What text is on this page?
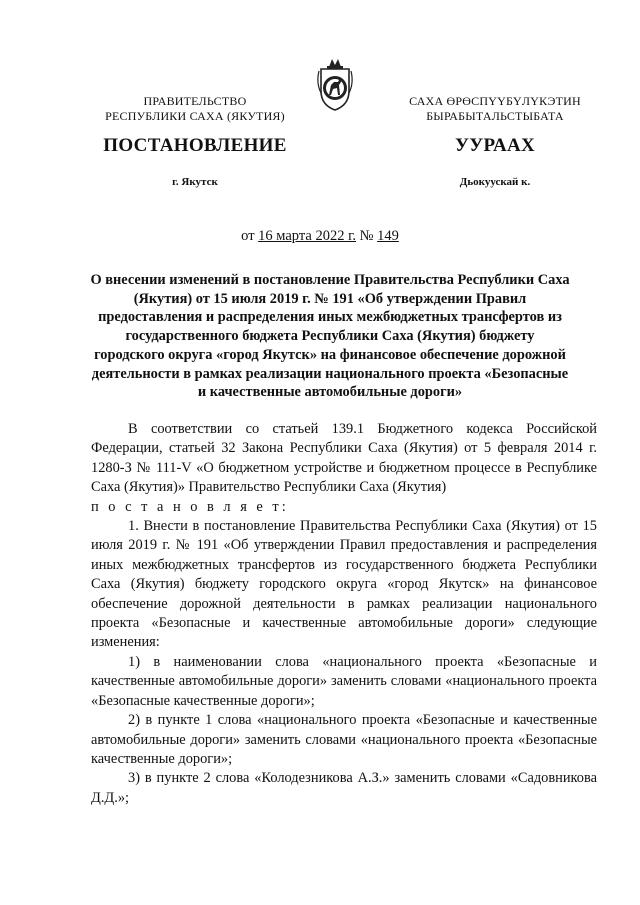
ПРАВИТЕЛЬСТВО
РЕСПУБЛИКИ САХА (ЯКУТИЯ)
САХА ӨРӨСПYYБYЛYКЭТИН
БЫРАБЫТАЛЬСТЫБАТА
ПОСТАНОВЛЕНИЕ	УУРААХ
г. Якутск	Дьокуускай к.
от 16 марта 2022 г. № 149
О внесении изменений в постановление Правительства Республики Саха (Якутия) от 15 июля 2019 г. № 191 «Об утверждении Правил предоставления и распределения иных межбюджетных трансфертов из государственного бюджета Республики Саха (Якутия) бюджету городского округа «город Якутск» на финансовое обеспечение дорожной деятельности в рамках реализации национального проекта «Безопасные и качественные автомобильные дороги»

В соответствии со статьей 139.1 Бюджетного кодекса Российской Федерации, статьей 32 Закона Республики Саха (Якутия) от 5 февраля 2014 г. 1280-З № 111-V «О бюджетном устройстве и бюджетном процессе в Республике Саха (Якутия)» Правительство Республики Саха (Якутия)

п о с т а н о в л я е т:

1. Внести в постановление Правительства Республики Саха (Якутия) от 15 июля 2019 г. № 191 «Об утверждении Правил предоставления и распределения иных межбюджетных трансфертов из государственного бюджета Республики Саха (Якутия) бюджету городского округа «город Якутск» на финансовое обеспечение дорожной деятельности в рамках реализации национального проекта «Безопасные и качественные автомобильные дороги» следующие изменения:

1) в наименовании слова «национального проекта «Безопасные и качественные автомобильные дороги» заменить словами «национального проекта «Безопасные качественные дороги»;

2) в пункте 1 слова «национального проекта «Безопасные и качественные автомобильные дороги» заменить словами «национального проекта «Безопасные качественные дороги»;

3) в пункте 2 слова «Колодезникова А.З.» заменить словами «Садовникова Д.Д.»;
